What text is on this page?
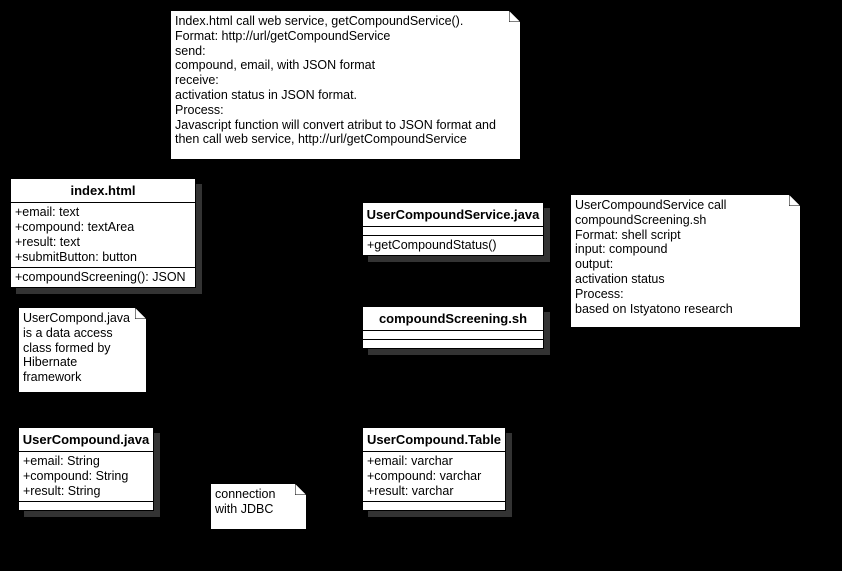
Index.html call web service, getCompoundService().
Format: http://url/getCompoundService
send:
compound, email, with JSON format
receive:
activation status in JSON format.
Process:
Javascript function will convert atribut to JSON format and
then call web service, http://url/getCompoundService
index.html
+email: text
+compound: textArea
+result: text
+submitButton: button
+compoundScreening(): JSON
UserCompoundService.java
+getCompoundStatus()
UserCompoundService call
compoundScreening.sh
Format: shell script
input: compound
output:
activation status
Process:
based on Istyatono research
compoundScreening.sh
UserCompond.java
is a data access
class formed by
Hibernate
framework
UserCompound.java
+email: String
+compound: String
+result: String
UserCompound.Table
+email: varchar
+compound: varchar
+result: varchar
connection
with JDBC
